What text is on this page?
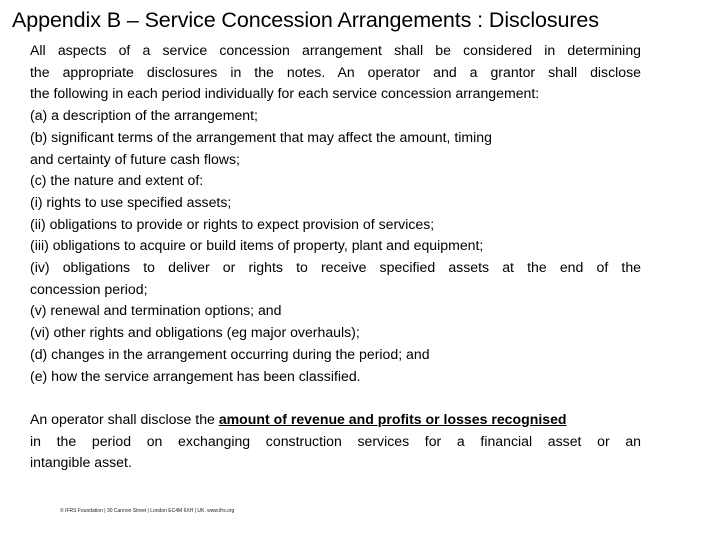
Appendix B – Service Concession Arrangements : Disclosures
All aspects of a service concession arrangement shall be considered in determining
the appropriate disclosures in the notes. An operator and a grantor shall disclose
the following in each period individually for each service concession arrangement:
(a) a description of the arrangement;
(b) significant terms of the arrangement that may affect the amount, timing
and certainty of future cash flows;
(c) the nature and extent of:
(i) rights to use specified assets;
(ii) obligations to provide or rights to expect provision of services;
(iii) obligations to acquire or build items of property, plant and equipment;
(iv) obligations to deliver or rights to receive specified assets at the end of the
concession period;
(v) renewal and termination options; and
(vi) other rights and obligations (eg major overhauls);
(d) changes in the arrangement occurring during the period; and
(e) how the service arrangement has been classified.
An operator shall disclose the amount of revenue and profits or losses recognised
in the period on exchanging construction services for a financial asset or an
intangible asset.
© IFRS Foundation | 30 Cannon Street | London EC4M 6XH | UK. www.ifrs.org
